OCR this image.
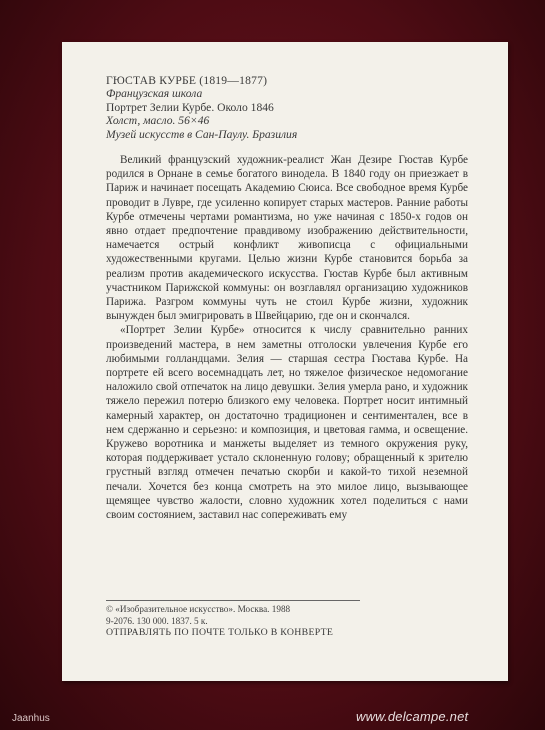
ГЮСТАВ КУРБЕ (1819—1877)
Французская школа
Портрет Зелии Курбе. Около 1846
Холст, масло. 56×46
Музей искусств в Сан-Паулу. Бразилия

Великий французский художник-реалист Жан Дезире Гюстав Курбе родился в Орнане в семье богатого винодела. В 1840 году он приезжает в Париж и начинает посещать Академию Сюиса. Все свободное время Курбе проводит в Лувре, где усиленно копирует старых мастеров. Ранние работы Курбе отмечены чертами романтизма, но уже начиная с 1850-х годов он явно отдает предпочтение правдивому изображению действительности, намечается острый конфликт живописца с официальными художественными кругами. Целью жизни Курбе становится борьба за реализм против академического искусства. Гюстав Курбе был активным участником Парижской коммуны: он возглавлял организацию художников Парижа. Разгром коммуны чуть не стоил Курбе жизни, художник вынужден был эмигрировать в Швейцарию, где он и скончался.

«Портрет Зелии Курбе» относится к числу сравнительно ранних произведений мастера, в нем заметны отголоски увлечения Курбе его любимыми голландцами. Зелия — старшая сестра Гюстава Курбе. На портрете ей всего восемнадцать лет, но тяжелое физическое недомогание наложило свой отпечаток на лицо девушки. Зелия умерла рано, и художник тяжело пережил потерю близкого ему человека. Портрет носит интимный камерный характер, он достаточно традиционен и сентиментален, все в нем сдержанно и серьезно: и композиция, и цветовая гамма, и освещение. Кружево воротника и манжеты выделяет из темного окружения руку, которая поддерживает устало склоненную голову; обращенный к зрителю грустный взгляд отмечен печатью скорби и какой-то тихой неземной печали. Хочется без конца смотреть на это милое лицо, вызывающее щемящее чувство жалости, словно художник хотел поделиться с нами своим состоянием, заставил нас сопереживать ему

© «Изобразительное искусство». Москва. 1988
9-2076. 130 000. 1837. 5 к.
ОТПРАВЛЯТЬ ПО ПОЧТЕ ТОЛЬКО В КОНВЕРТЕ
Jaanhus	www.delcampe.net
